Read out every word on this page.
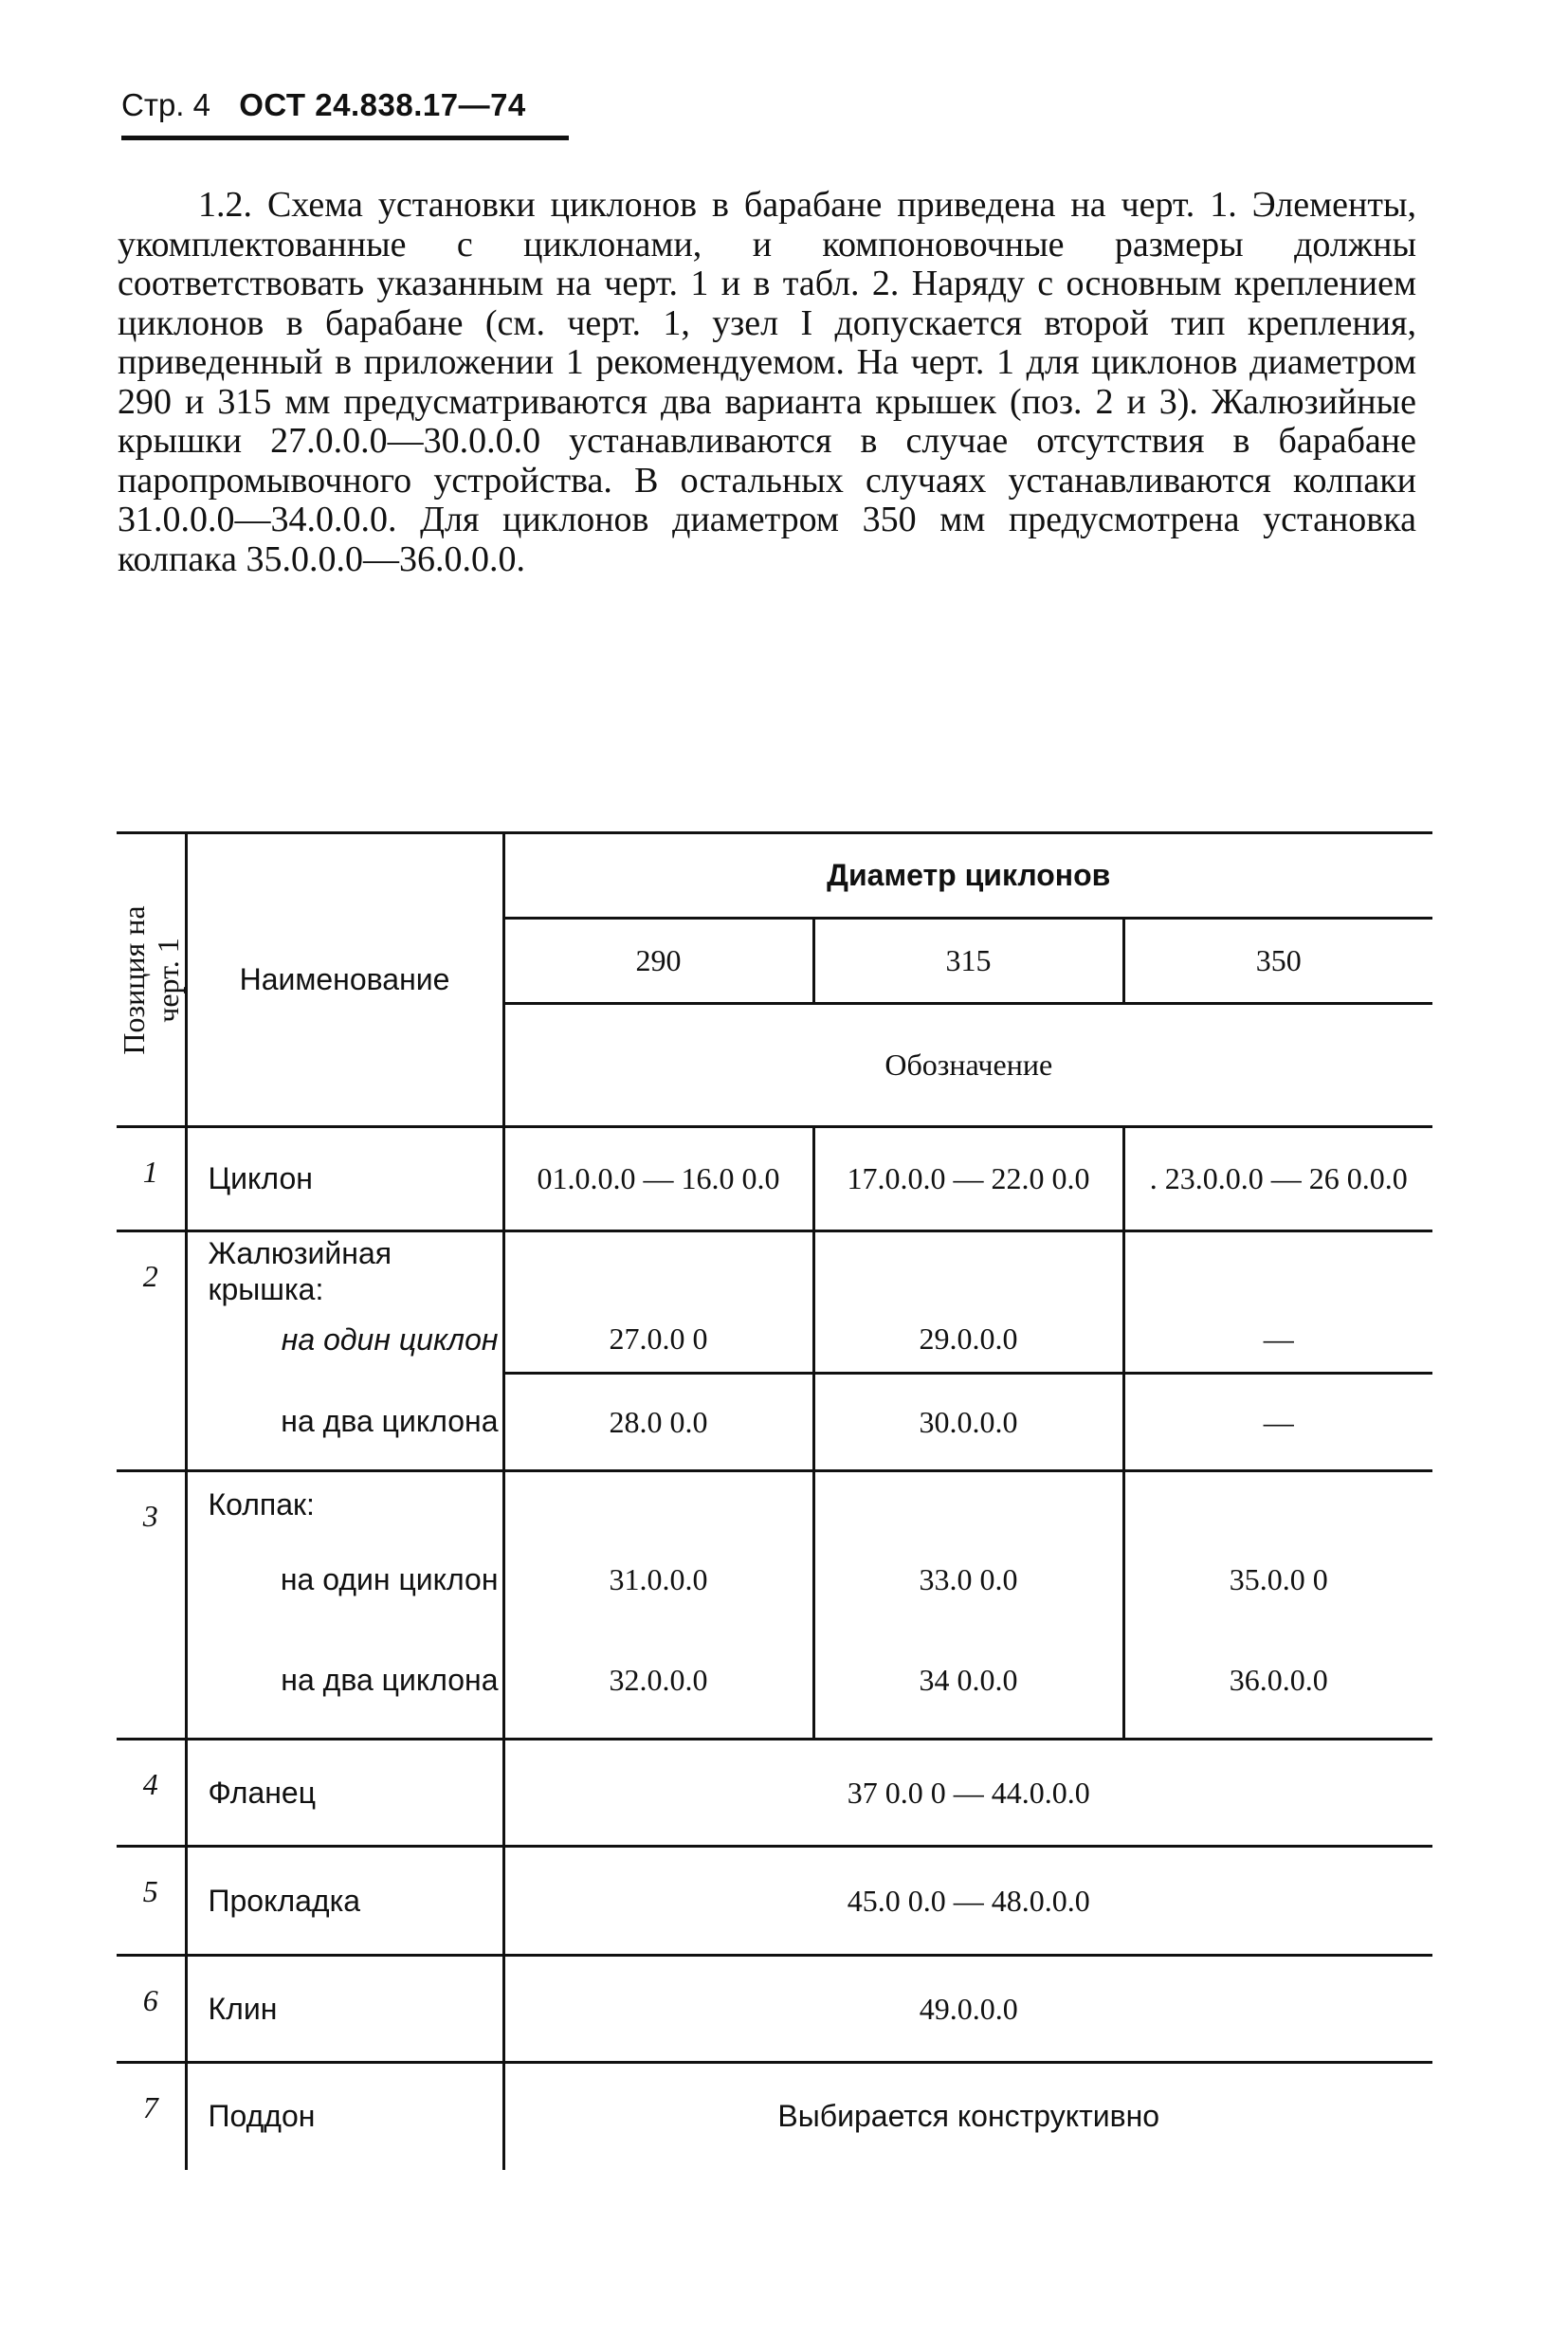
Стр. 4 ОСТ 24.838.17—74

1.2. Схема установки циклонов в барабане приведена на черт. 1. Элементы, укомплектованные с циклонами, и компоновочные размеры должны соответствовать указанным на черт. 1 и в табл. 2. Наряду с основным креплением циклонов в барабане (см. черт. 1, узел I допускается второй тип крепления, приведенный в приложении 1 рекомендуемом. На черт. 1 для циклонов диаметром 290 и 315 мм предусматриваются два варианта крышек (поз. 2 и 3). Жалюзийные крышки 27.0.0.0—30.0.0.0 устанавливаются в случае отсутствия в барабане паропромывочного устройства. В остальных случаях устанавливаются колпаки 31.0.0.0—34.0.0.0. Для циклонов диаметром 350 мм предусмотрена установка колпака 35.0.0.0—36.0.0.0.

Позиция на черт. 1	Наименование	Диаметр циклонов		
		290	315	350
		Обозначение		
1	Циклон	01.0.0.0 — 16.0 0.0	17.0.0.0 — 22.0 0.0	. 23.0.0.0 — 26 0.0.0
2	Жалюзийная крышка:			
	на один циклон	27.0.0 0	29.0.0.0	—
	на два циклона	28.0 0.0	30.0.0.0	—
3	Колпак:			
	на один циклон	31.0.0.0	33.0 0.0	35.0.0 0
	на два циклона	32.0.0.0	34 0.0.0	36.0.0.0
4	Фланец	37 0.0 0 — 44.0.0.0		
5	Прокладка	45.0 0.0 — 48.0.0.0		
6	Клин	49.0.0.0		
7	Поддон	Выбирается конструктивно		
